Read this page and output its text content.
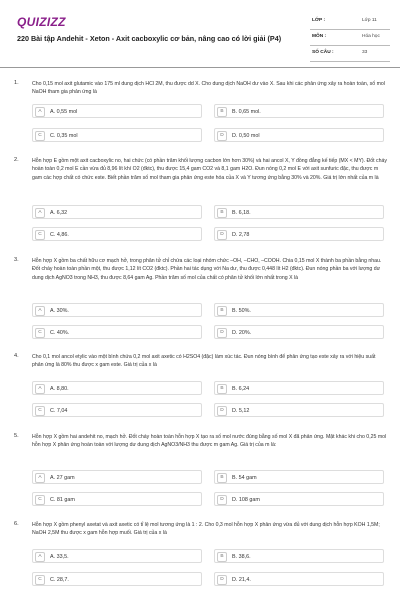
QUIZIZZ
220 Bài tập Andehit - Xeton - Axit cacboxylic cơ bản, nâng cao có lời giải (P4)
LỚP :	Lớp 11
MÔN :	Hóa học
SỐ CÂU :	33
1.	Cho 0,15 mol axit glutamic vào 175 ml dung dịch HCl 2M, thu được dd X. Cho dung dịch NaOH dư vào X. Sau khi các phản ứng xảy ra hoàn toàn, số mol NaOH tham gia phản ứng là
A	A. 0,55 mol	B	B. 0,65 mol.
C	C. 0,35 mol	D	D. 0,50 mol
2.	Hỗn hợp E gồm một axit cacboxylic no, hai chức (có phần trăm khối lượng cacbon lớn hơn 30%) và hai ancol X, Y đồng đẳng kế tiếp (MX < MY). Đốt cháy hoàn toàn 0,2 mol E cần vừa đủ 8,96 lít khí O2 (đktc), thu được 15,4 gam CO2 và 8,1 gam H2O. Đun nóng 0,2 mol E với axit sunfuric đặc, thu được m gam các hợp chất có chức este. Biết phần trăm số mol tham gia phản ứng este hóa của X và Y tương ứng bằng 30% và 20%. Giá trị lớn nhất của m là
A	A. 6,32	B	B. 6,18.
C	C. 4,86.	D	D. 2,78
3.	Hỗn hợp X gồm ba chất hữu cơ mạch hở, trong phân tử chỉ chứa các loại nhóm chức –OH, –CHO, –COOH. Chia 0,15 mol X thành ba phần bằng nhau. Đốt cháy hoàn toàn phần một, thu được 1,12 lít CO2 (đktc). Phần hai tác dụng với Na dư, thu được 0,448 lít H2 (đktc). Đun nóng phần ba với lượng dư dung dịch AgNO3 trong NH3, thu được 8,64 gam Ag. Phần trăm số mol của chất có phân tử khối lớn nhất trong X là
A	A. 30%.	B	B. 50%.
C	C. 40%.	D	D. 20%.
4.	Cho 0,1 mol ancol etylic vào một bình chứa 0,2 mol axit axetic có H2SO4 (đặc) làm xúc tác. Đun nóng bình để phản ứng tạo este xảy ra với hiệu suất phản ứng là 80% thu được x gam este. Giá trị của x là
A	A. 8,80.	B	B. 6,24
C	C. 7,04	D	D. 5,12
5.	Hỗn hợp X gồm hai andehit no, mạch hở. Đốt cháy hoàn toàn hỗn hợp X tạo ra số mol nước đúng bằng số mol X đã phản ứng. Mặt khác khi cho 0,25 mol hỗn hợp X phản ứng hoàn toàn với lượng dư dung dịch AgNO3/NH3 thu được m gam Ag. Giá trị của m là:
A	A. 27 gam	B	B. 54 gam
C	C. 81 gam	D	D. 108 gam
6.	Hỗn hợp X gồm phenyl axetat và axit axetic có tỉ lệ mol tương ứng là 1 : 2. Cho 0,3 mol hỗn hợp X phản ứng vừa đủ với dung dịch hỗn hợp KOH 1,5M; NaOH 2,5M thu được x gam hỗn hợp muối. Giá trị của x là
A	A. 33,5.	B	B. 38,6.
C	C. 28,7.	D	D. 21,4.
